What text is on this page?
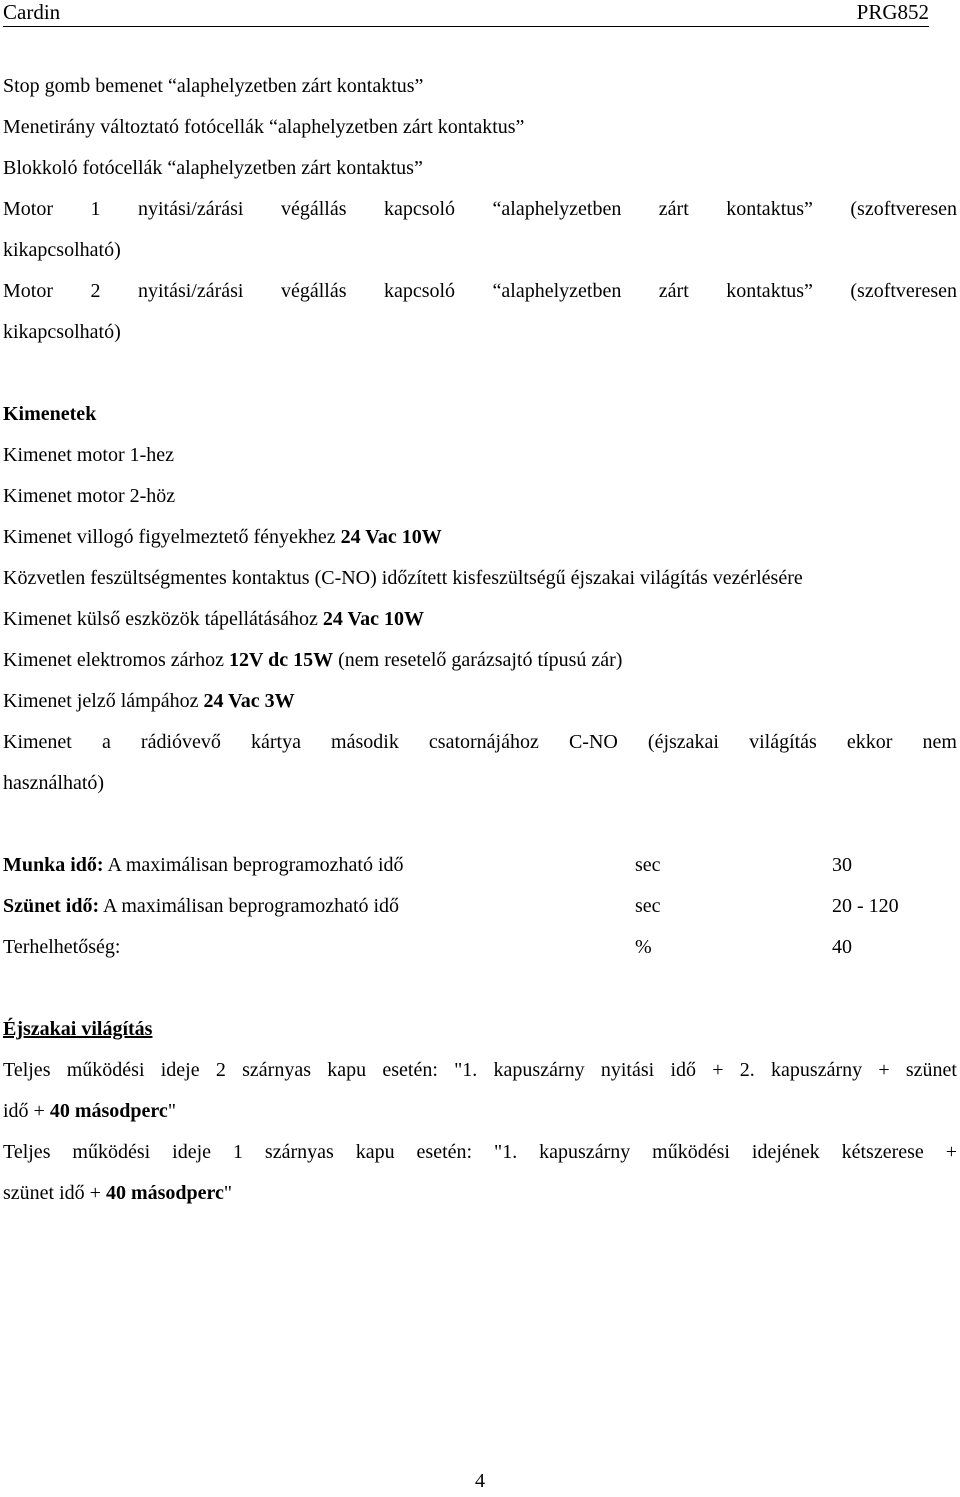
Cardin	PRG852
Stop gomb bemenet “alaphelyzetben zárt kontaktus”
Menetirány változtató fotócellák “alaphelyzetben zárt kontaktus”
Blokkoló fotócellák “alaphelyzetben zárt kontaktus”
Motor 1 nyitási/zárási végállás kapcsoló “alaphelyzetben zárt kontaktus” (szoftveresen
kikapcsolható)
Motor 2 nyitási/zárási végállás kapcsoló “alaphelyzetben zárt kontaktus” (szoftveresen
kikapcsolható)
Kimenetek
Kimenet motor 1-hez
Kimenet motor 2-höz
Kimenet villogó figyelmeztető fényekhez 24 Vac 10W
Közvetlen feszültségmentes kontaktus (C-NO) időzített kisfeszültségű éjszakai világítás vezérlésére
Kimenet külső eszközök tápellátásához 24 Vac 10W
Kimenet elektromos zárhoz 12V dc 15W (nem resetelő garázsajtó típusú zár)
Kimenet jelző lámpához 24 Vac 3W
Kimenet a rádióvevő kártya második csatornájához C-NO (éjszakai világítás ekkor nem
használható)
Munka idő: A maximálisan beprogramozható idő	sec	30
Szünet idő: A maximálisan beprogramozható idő	sec	20 - 120
Terhelhetőség:	%	40
Éjszakai világítás
Teljes működési ideje 2 szárnyas kapu esetén: "1. kapuszárny nyitási idő + 2. kapuszárny + szünet
idő + 40 másodperc"
Teljes működési ideje 1 szárnyas kapu esetén: "1. kapuszárny működési idejének kétszerese +
szünet idő + 40 másodperc"
4
